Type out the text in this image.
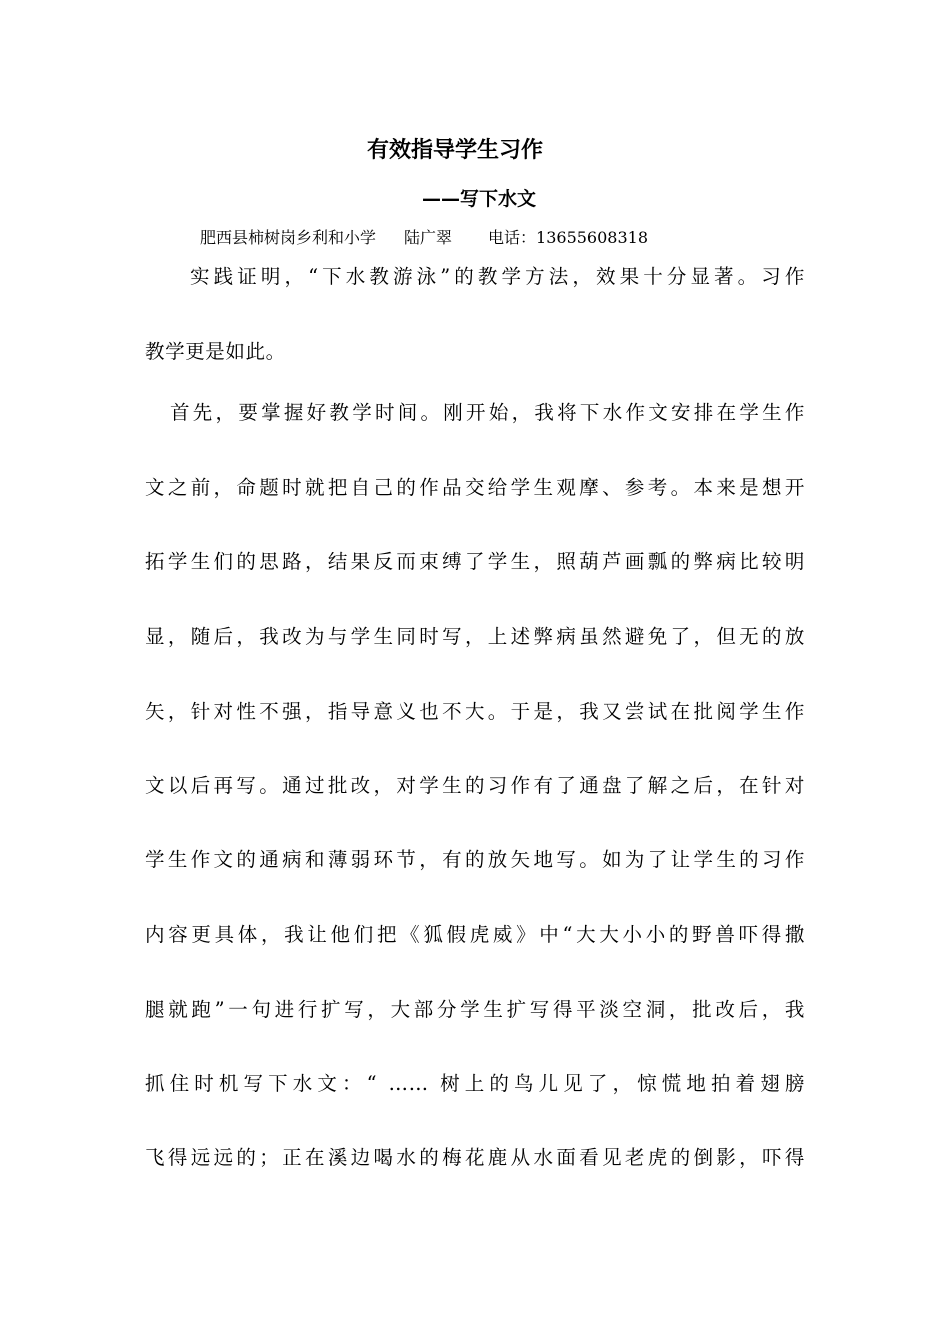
有效指导学生习作
——写下水文
肥西县柿树岗乡利和小学 陆广翠 电话：13655608318
实践证明，“下水教游泳”的教学方法，效果十分显著。习作
教学更是如此。
首先，要掌握好教学时间。刚开始，我将下水作文安排在学生作
文之前，命题时就把自己的作品交给学生观摩、参考。本来是想开
拓学生们的思路，结果反而束缚了学生，照葫芦画瓢的弊病比较明
显，随后，我改为与学生同时写，上述弊病虽然避免了，但无的放
矢，针对性不强，指导意义也不大。于是，我又尝试在批阅学生作
文以后再写。通过批改，对学生的习作有了通盘了解之后，在针对
学生作文的通病和薄弱环节，有的放矢地写。如为了让学生的习作
内容更具体，我让他们把《狐假虎威》中“大大小小的野兽吓得撒
腿就跑”一句进行扩写，大部分学生扩写得平淡空洞，批改后，我
抓住时机写下水文：“ …… 树上的鸟儿见了，惊慌地拍着翅膀
飞得远远的；正在溪边喝水的梅花鹿从水面看见老虎的倒影，吓得
